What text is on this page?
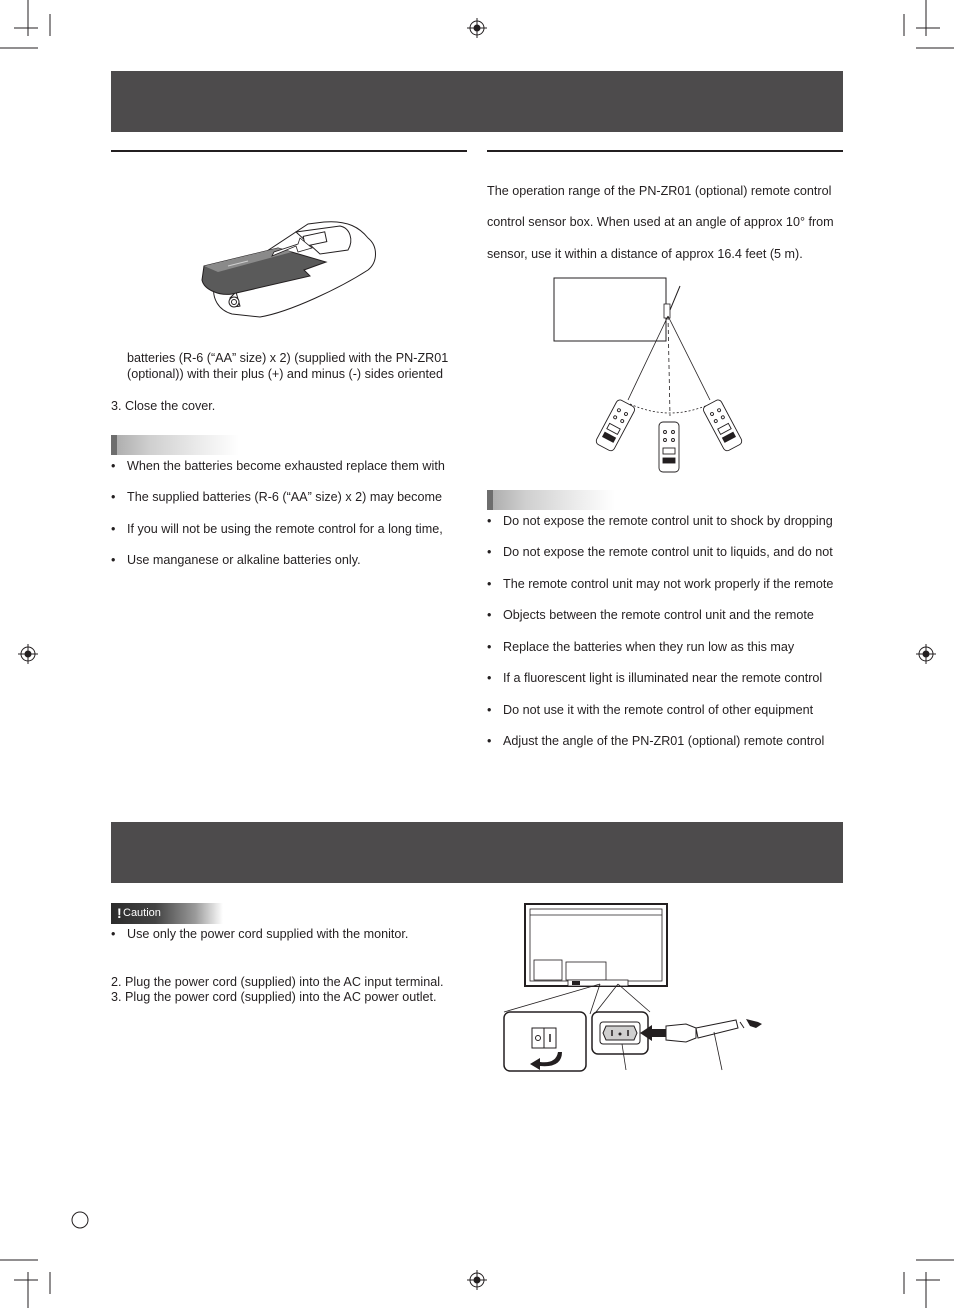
batteries (R-6 (“AA” size) x 2) (supplied with the PN-ZR01
(optional)) with their plus (+) and minus (-) sides oriented
3. Close the cover.
• When the batteries become exhausted replace them with
• The supplied batteries (R-6 (“AA” size) x 2) may become
• If you will not be using the remote control for a long time,
• Use manganese or alkaline batteries only.
The operation range of the PN-ZR01 (optional) remote control
control sensor box. When used at an angle of approx 10° from
sensor, use it within a distance of approx 16.4 feet (5 m).
• Do not expose the remote control unit to shock by dropping
• Do not expose the remote control unit to liquids, and do not
• The remote control unit may not work properly if the remote
• Objects between the remote control unit and the remote
• Replace the batteries when they run low as this may
• If a fluorescent light is illuminated near the remote control
• Do not use it with the remote control of other equipment
• Adjust the angle of the PN-ZR01 (optional) remote control
! Caution
• Use only the power cord supplied with the monitor.
2. Plug the power cord (supplied) into the AC input terminal.
3. Plug the power cord (supplied) into the AC power outlet.
